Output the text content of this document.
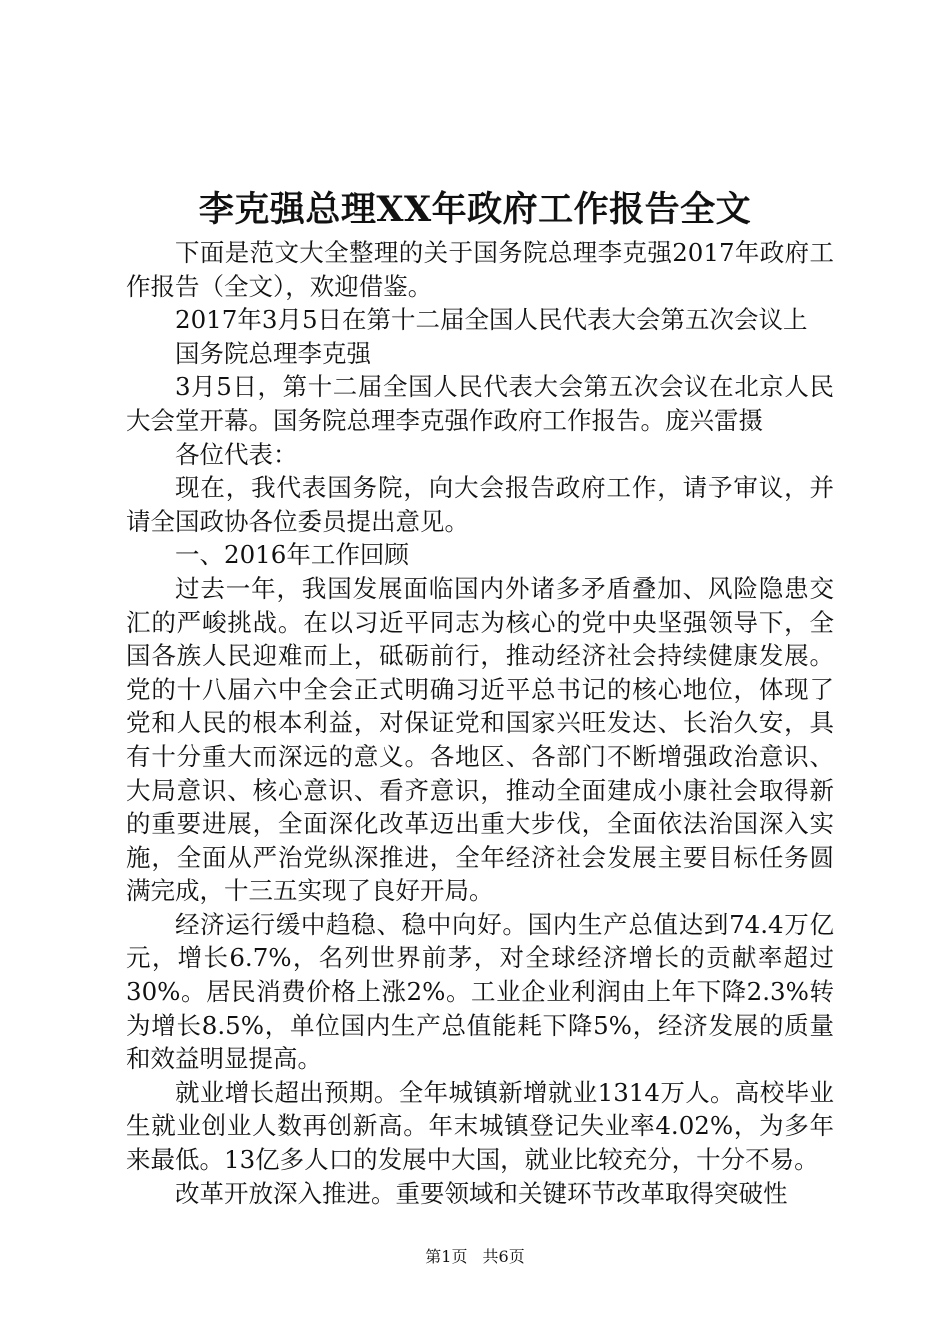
李克强总理XX年政府工作报告全文

下面是范文大全整理的关于国务院总理李克强2017年政府工作报告（全文），欢迎借鉴。

2017年3月5日在第十二届全国人民代表大会第五次会议上

国务院总理李克强

3月5日，第十二届全国人民代表大会第五次会议在北京人民大会堂开幕。国务院总理李克强作政府工作报告。庞兴雷摄

各位代表：

现在，我代表国务院，向大会报告政府工作，请予审议，并请全国政协各位委员提出意见。

一、2016年工作回顾

过去一年，我国发展面临国内外诸多矛盾叠加、风险隐患交汇的严峻挑战。在以习近平同志为核心的党中央坚强领导下，全国各族人民迎难而上，砥砺前行，推动经济社会持续健康发展。党的十八届六中全会正式明确习近平总书记的核心地位，体现了党和人民的根本利益，对保证党和国家兴旺发达、长治久安，具有十分重大而深远的意义。各地区、各部门不断增强政治意识、大局意识、核心意识、看齐意识，推动全面建成小康社会取得新的重要进展，全面深化改革迈出重大步伐，全面依法治国深入实施，全面从严治党纵深推进，全年经济社会发展主要目标任务圆满完成，十三五实现了良好开局。

经济运行缓中趋稳、稳中向好。国内生产总值达到74.4万亿元，增长6.7%，名列世界前茅，对全球经济增长的贡献率超过30%。居民消费价格上涨2%。工业企业利润由上年下降2.3%转为增长8.5%，单位国内生产总值能耗下降5%，经济发展的质量和效益明显提高。

就业增长超出预期。全年城镇新增就业1314万人。高校毕业生就业创业人数再创新高。年末城镇登记失业率4.02%，为多年来最低。13亿多人口的发展中大国，就业比较充分，十分不易。

改革开放深入推进。重要领域和关键环节改革取得突破性

第1页 共6页
